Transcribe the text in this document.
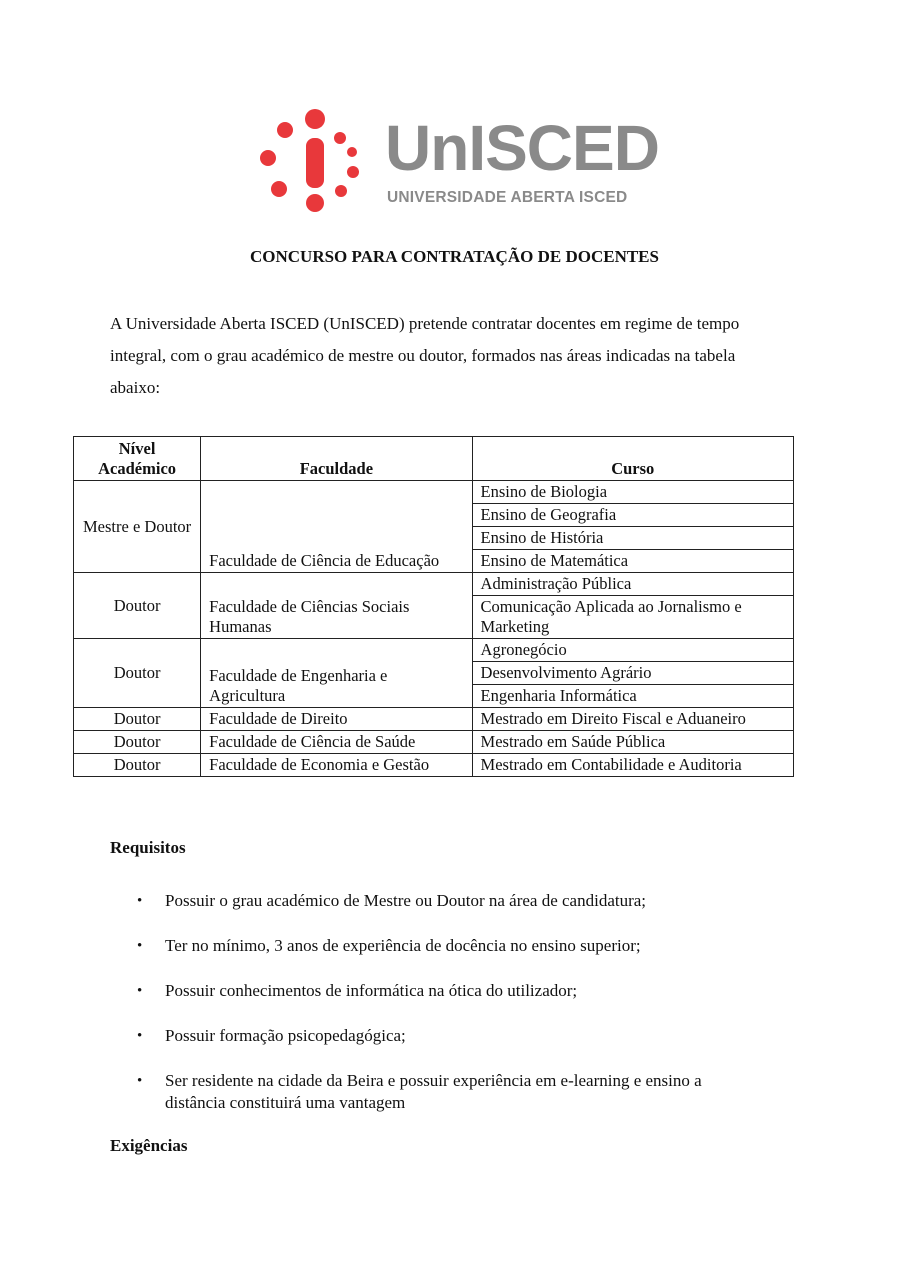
UnISCED
UNIVERSIDADE ABERTA ISCED
CONCURSO PARA CONTRATAÇÃO DE DOCENTES
A Universidade Aberta ISCED (UnISCED) pretende contratar docentes em regime de tempo
integral, com o grau académico de mestre ou doutor, formados nas áreas indicadas na tabela
abaixo:
Nível Académico	Faculdade	Curso
Mestre e Doutor	Faculdade de Ciência de Educação	Ensino de Biologia
		Ensino de Geografia
		Ensino de História
		Ensino de Matemática
Doutor	Faculdade de Ciências Sociais Humanas	Administração Pública
		Comunicação Aplicada ao Jornalismo e Marketing
Doutor	Faculdade de Engenharia e Agricultura	Agronegócio
		Desenvolvimento Agrário
		Engenharia Informática
Doutor	Faculdade de Direito	Mestrado em Direito Fiscal e Aduaneiro
Doutor	Faculdade de Ciência de Saúde	Mestrado em Saúde Pública
Doutor	Faculdade de Economia e Gestão	Mestrado em Contabilidade e Auditoria
Requisitos
• Possuir o grau académico de Mestre ou Doutor na área de candidatura;
• Ter no mínimo, 3 anos de experiência de docência no ensino superior;
• Possuir conhecimentos de informática na ótica do utilizador;
• Possuir formação psicopedagógica;
• Ser residente na cidade da Beira e possuir experiência em e-learning e ensino a distância constituirá uma vantagem
Exigências
